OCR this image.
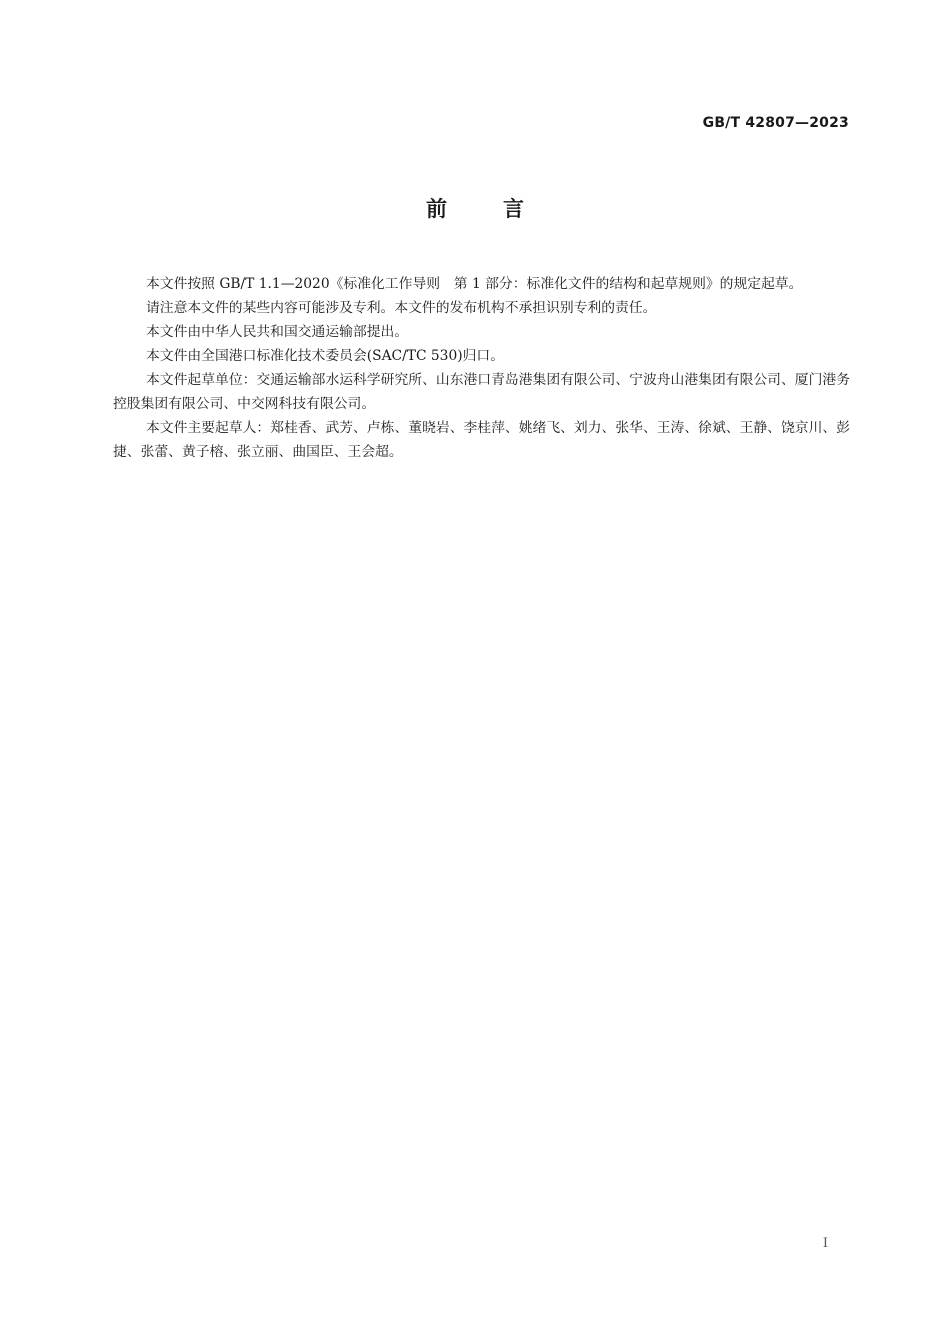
GB/T 42807—2023
前言

本文件按照 GB/T 1.1—2020《标准化工作导则　第 1 部分：标准化文件的结构和起草规则》的规定起草。

请注意本文件的某些内容可能涉及专利。本文件的发布机构不承担识别专利的责任。

本文件由中华人民共和国交通运输部提出。

本文件由全国港口标准化技术委员会(SAC/TC 530)归口。

本文件起草单位：交通运输部水运科学研究所、山东港口青岛港集团有限公司、宁波舟山港集团有限公司、厦门港务控股集团有限公司、中交网科技有限公司。

本文件主要起草人：郑桂香、武芳、卢栋、董晓岩、李桂萍、姚绪飞、刘力、张华、王涛、徐斌、王静、饶京川、彭捷、张蕾、黄子榕、张立丽、曲国臣、王会超。

I
